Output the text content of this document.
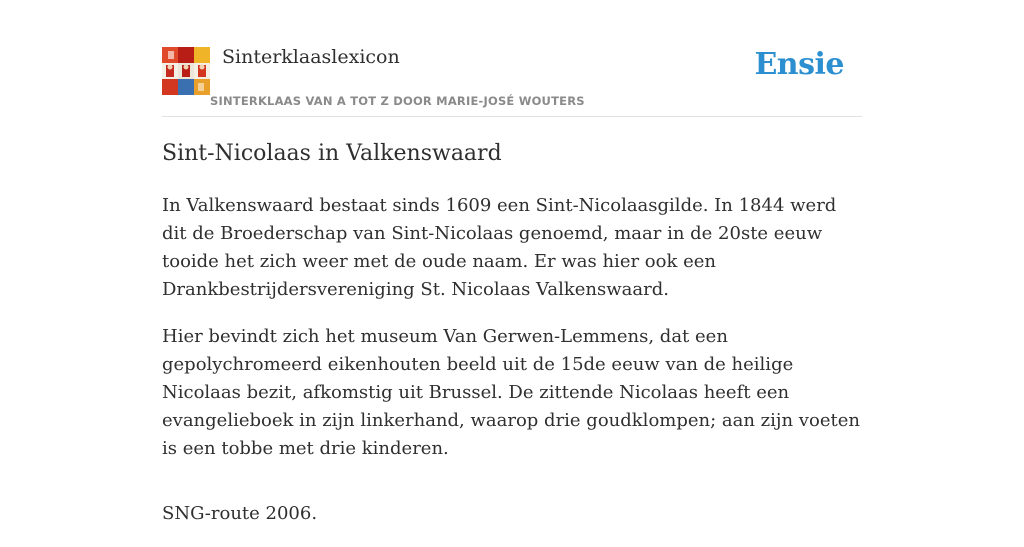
Sinterklaaslexicon
SINTERKLAAS VAN A TOT Z DOOR MARIE-JOSÉ WOUTERS
Ensie
Sint-Nicolaas in Valkenswaard

In Valkenswaard bestaat sinds 1609 een Sint-Nicolaasgilde. In 1844 werd dit de Broederschap van Sint-Nicolaas genoemd, maar in de 20ste eeuw tooide het zich weer met de oude naam. Er was hier ook een Drankbestrijdersvereniging St. Nicolaas Valkenswaard.

Hier bevindt zich het museum Van Gerwen-Lemmens, dat een gepolychromeerd eikenhouten beeld uit de 15de eeuw van de heilige Nicolaas bezit, afkomstig uit Brussel. De zittende Nicolaas heeft een evangelieboek in zijn linkerhand, waarop drie goudklompen; aan zijn voeten is een tobbe met drie kinderen.

SNG-route 2006.
